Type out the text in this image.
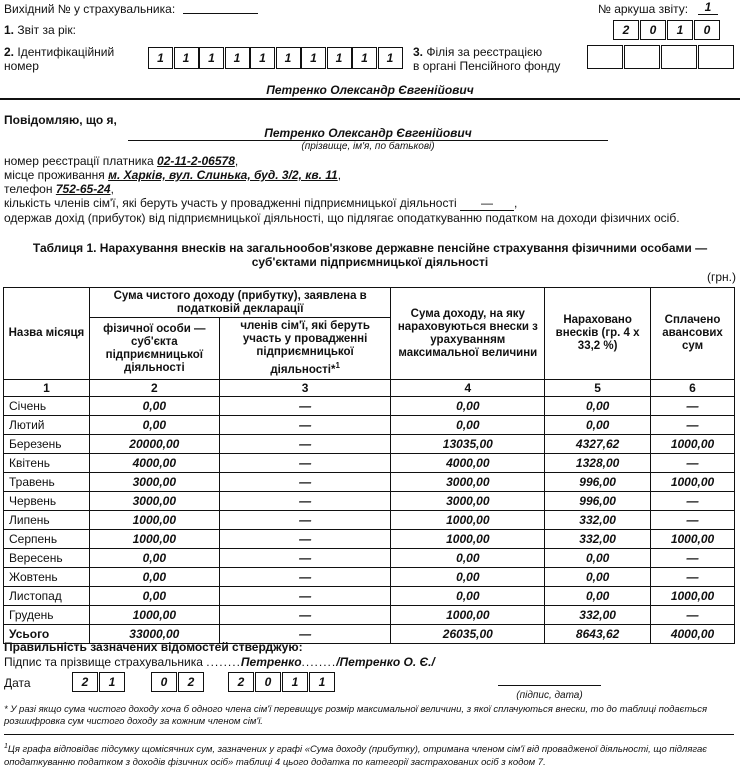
Вихідний № у страхувальника:	№ аркуша звіту:	1
1. Звіт за рік:	2	0	1	0
2. Ідентифікаційний
номер
1	1	1	1	1	1	1	1	1	1	3. Філія за реєстрацією
в органі Пенсійного фонду
Петренко Олександр Євгенійович
Повідомляю, що я,
Петренко Олександр Євгенійович
(прізвище, ім'я, по батькові)
номер реєстрації платника 02-11-2-06578,
місце проживання м. Харків, вул. Слинька, буд. 3/2, кв. 11,
телефон 752-65-24,
кількість членів сім'ї, які беруть участь у провадженні підприємницької діяльності — ,
одержав дохід (прибуток) від підприємницької діяльності, що підлягає оподаткуванню податком на доходи фізичних осіб.
Таблиця 1. Нарахування внесків на загальнообов'язкове державне пенсійне страхування фізичними особами —
суб'єктами підприємницької діяльності
(грн.)
Назва місяця	Сума чистого доходу (прибутку), заявлена в податковій декларації		Сума доходу, на яку нараховуються внески з урахуванням максимальної величини	Нараховано внесків (гр. 4 х 33,2 %)	Сплачено авансових сум
	фізичної особи — суб'єкта підприємницької діяльності	членів сім'ї, які беруть участь у провадженні підприємницької діяльності*$^1$
1	2	3	4	5	6
Січень	0,00	—	0,00	0,00	—
Лютий	0,00	—	0,00	0,00	—
Березень	20000,00	—	13035,00	4327,62	1000,00
Квітень	4000,00	—	4000,00	1328,00	—
Травень	3000,00	—	3000,00	996,00	1000,00
Червень	3000,00	—	3000,00	996,00	—
Липень	1000,00	—	1000,00	332,00	—
Серпень	1000,00	—	1000,00	332,00	1000,00
Вересень	0,00	—	0,00	0,00	—
Жовтень	0,00	—	0,00	0,00	—
Листопад	0,00	—	0,00	0,00	1000,00
Грудень	1000,00	—	1000,00	332,00	—
Усього	33000,00	—	26035,00	8643,62	4000,00
Правильність зазначених відомостей стверджую:
Підпис та прізвище страхувальника ........Петренко......../Петренко О. Є./
Дата	2	1	0	2	2	0	1	1
(підпис, дата)
* У разі якщо сума чистого доходу хоча б одного члена сім'ї перевищує розмір максимальної величини, з якої сплачуються внески, то до таблиці подається розшифровка сум чистого доходу за кожним членом сім'ї.
$^1$Ця графа відповідає підсумку щомісячних сум, зазначених у графі «Сума доходу (прибутку), отримана членом сім'ї від провадженої діяльності, що підлягає оподаткуванню податком з доходів фізичних осіб» таблиці 4 цього додатка по категорії застрахованих осіб з кодом 7.
